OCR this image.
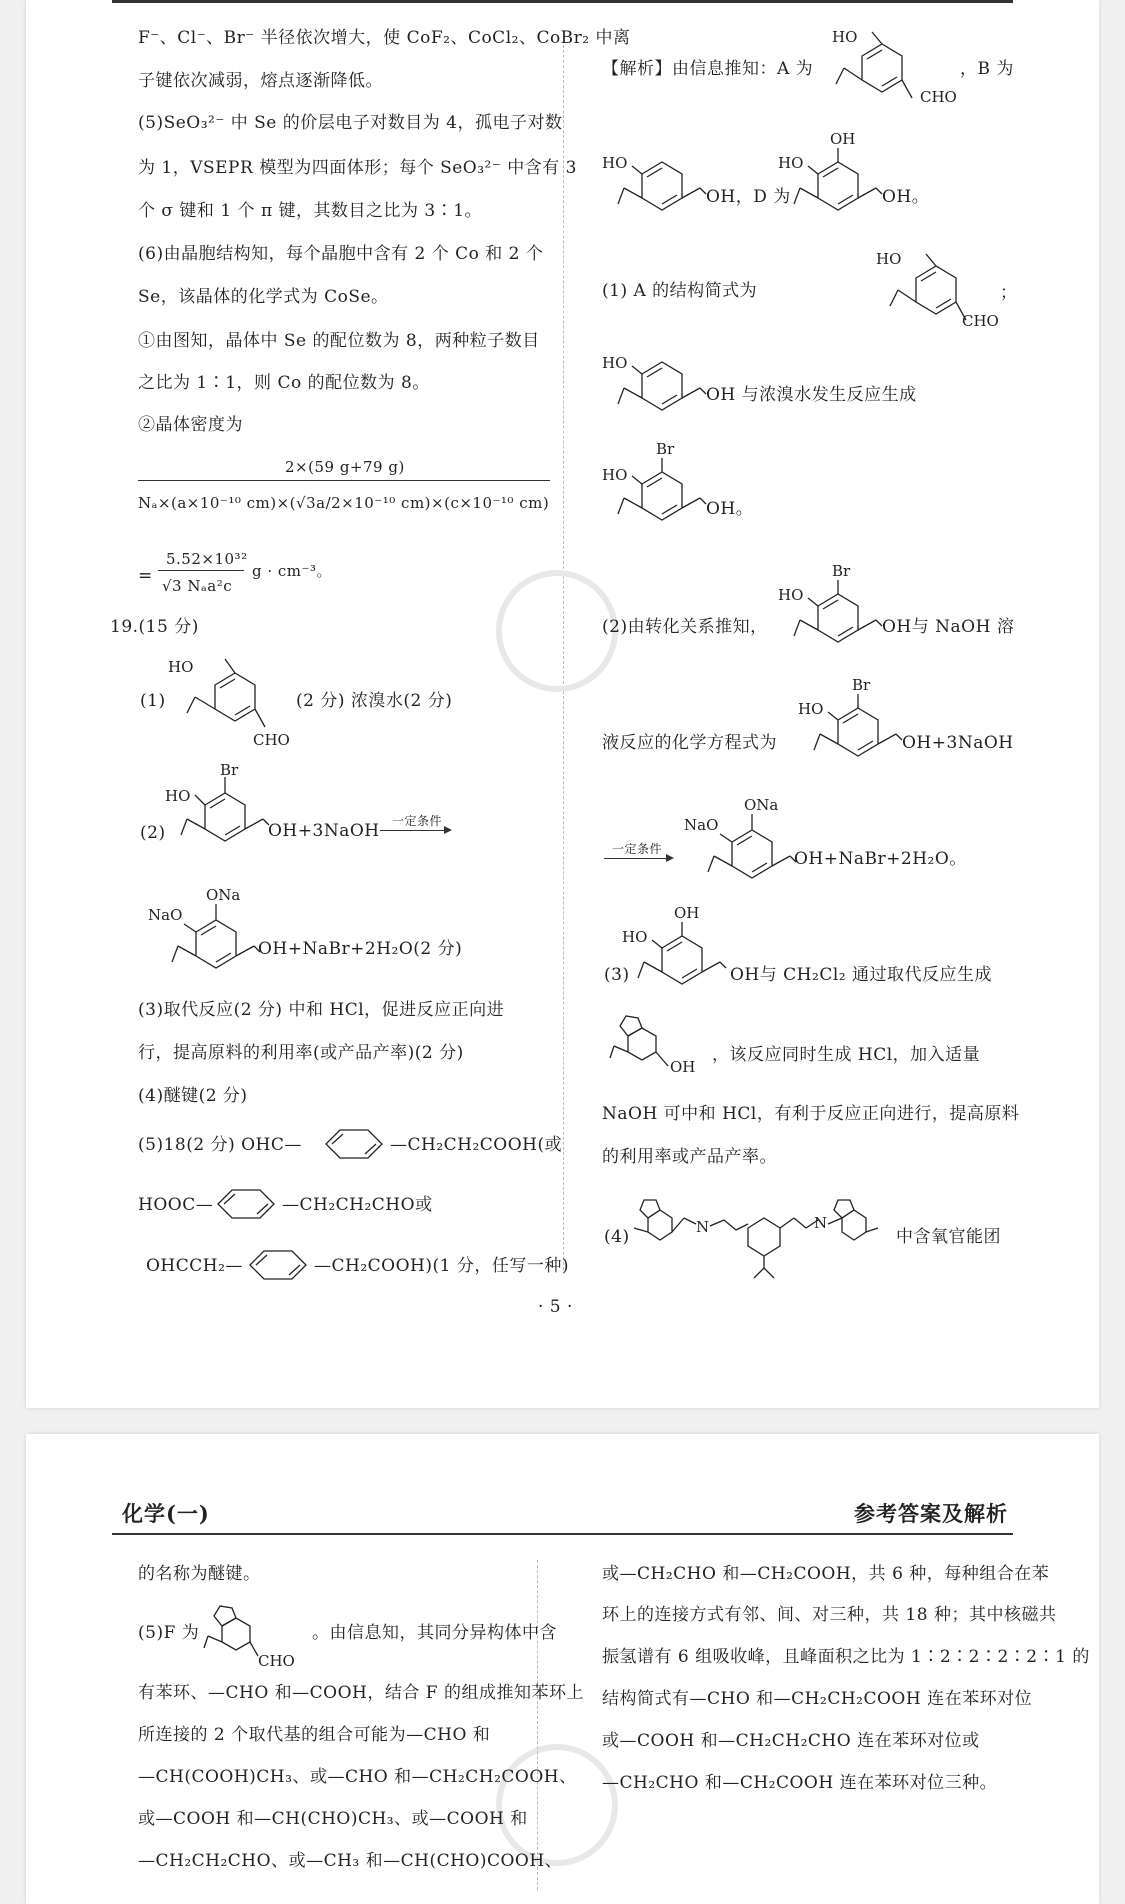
F⁻、Cl⁻、Br⁻ 半径依次增大，使 CoF₂、CoCl₂、CoBr₂ 中离
子键依次减弱，熔点逐渐降低。
(5)SeO₃²⁻ 中 Se 的价层电子对数目为 4，孤电子对数
为 1，VSEPR 模型为四面体形；每个 SeO₃²⁻ 中含有 3
个 σ 键和 1 个 π 键，其数目之比为 3∶1。
(6)由晶胞结构知，每个晶胞中含有 2 个 Co 和 2 个
Se，该晶体的化学式为 CoSe。
①由图知，晶体中 Se 的配位数为 8，两种粒子数目
之比为 1∶1，则 Co 的配位数为 8。
②晶体密度为
2×(59 g+79 g)
Nₐ×(a×10⁻¹⁰ cm)×(√3a/2×10⁻¹⁰ cm)×(c×10⁻¹⁰ cm)
=
5.52×10³²
√3 Nₐa²c
g · cm⁻³。
19.(15 分)
(1)
HO
CHO
(2 分) 浓溴水(2 分)
(2)
Br
HO
OH+3NaOH 一定条件
ONa
NaO
OH+NaBr+2H₂O(2 分)
(3)取代反应(2 分) 中和 HCl，促进反应正向进
行，提高原料的利用率(或产品产率)(2 分)
(4)醚键(2 分)
(5)18(2 分) OHC—	—CH₂CH₂COOH(或
HOOC—	—CH₂CH₂CHO或
OHCCH₂—	—CH₂COOH)(1 分，任写一种)
【解析】由信息推知：A 为
HO
CHO
，B 为
HO
OH，D 为
OH
HO
OH。
(1) A 的结构简式为
HO
CHO
；
HO
OH 与浓溴水发生反应生成
Br
HO
OH。
(2)由转化关系推知，
Br
HO
OH与 NaOH 溶
液反应的化学方程式为
Br
HO
OH+3NaOH
一定条件
ONa
NaO
OH+NaBr+2H₂O。
(3)
OH
HO
OH与 CH₂Cl₂ 通过取代反应生成
OH
，该反应同时生成 HCl，加入适量
NaOH 可中和 HCl，有利于反应正向进行，提高原料
的利用率或产品产率。
(4)	N	N
中含氧官能团
· 5 ·
化学(一)	参考答案及解析
的名称为醚键。
(5)F 为
CHO
。由信息知，其同分异构体中含
有苯环、—CHO 和—COOH，结合 F 的组成推知苯环上
所连接的 2 个取代基的组合可能为—CHO 和
—CH(COOH)CH₃、或—CHO 和—CH₂CH₂COOH、
或—COOH 和—CH(CHO)CH₃、或—COOH 和
—CH₂CH₂CHO、或—CH₃ 和—CH(CHO)COOH、
或—CH₂CHO 和—CH₂COOH，共 6 种，每种组合在苯
环上的连接方式有邻、间、对三种，共 18 种；其中核磁共
振氢谱有 6 组吸收峰，且峰面积之比为 1∶2∶2∶2∶2∶1 的
结构简式有—CHO 和—CH₂CH₂COOH 连在苯环对位
或—COOH 和—CH₂CH₂CHO 连在苯环对位或
—CH₂CHO 和—CH₂COOH 连在苯环对位三种。
